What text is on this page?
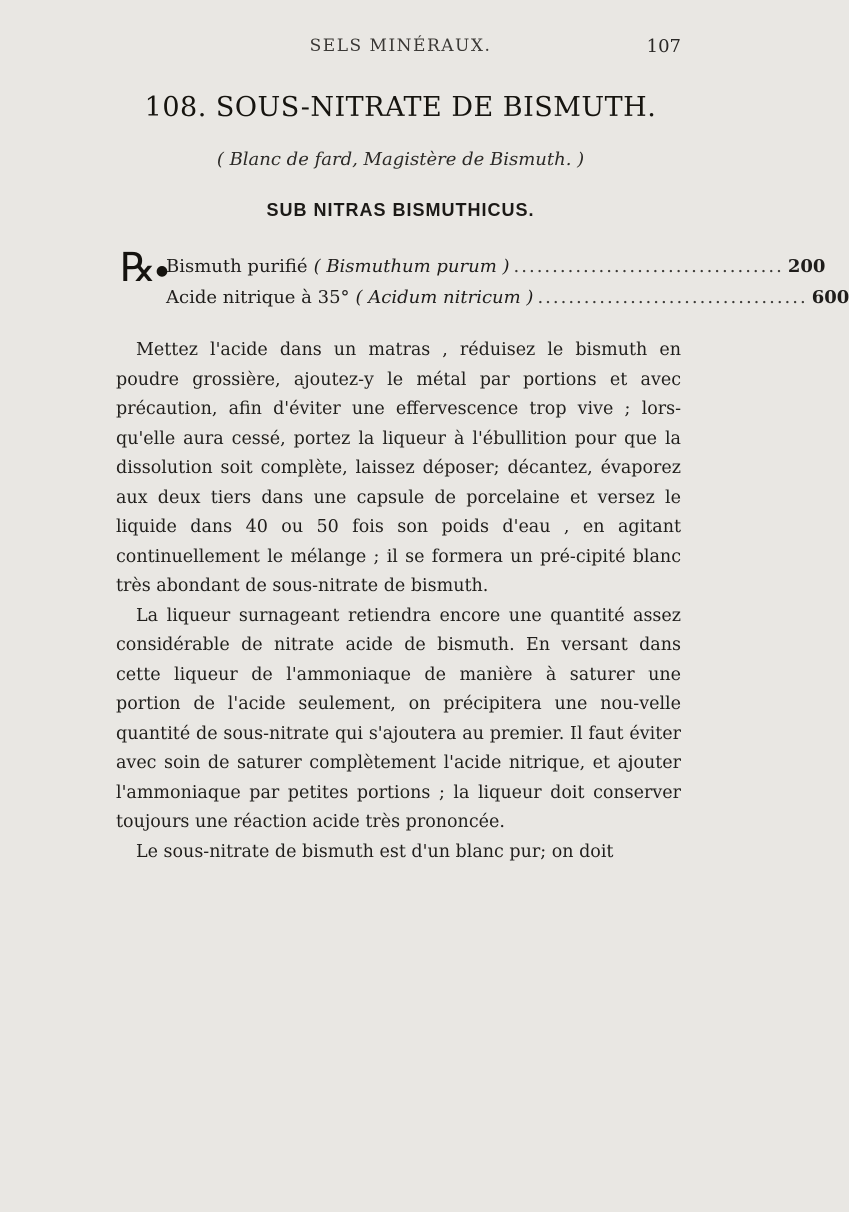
SELS MINÉRAUX.	107
108. SOUS-NITRATE DE BISMUTH.
( Blanc de fard, Magistère de Bismuth. )
SUB NITRAS BISMUTHICUS.
℞●
Bismuth purifié ( Bismuthum purum ) ................................... 200
Acide nitrique à 35° ( Acidum nitricum ) ................................... 600

Mettez l'acide dans un matras , réduisez le bismuth en poudre grossière, ajoutez-y le métal par portions et avec précaution, afin d'éviter une effervescence trop vive ; lors-qu'elle aura cessé, portez la liqueur à l'ébullition pour que la dissolution soit complète, laissez déposer; décantez, évaporez aux deux tiers dans une capsule de porcelaine et versez le liquide dans 40 ou 50 fois son poids d'eau , en agitant continuellement le mélange ; il se formera un pré-cipité blanc très abondant de sous-nitrate de bismuth.

La liqueur surnageant retiendra encore une quantité assez considérable de nitrate acide de bismuth. En versant dans cette liqueur de l'ammoniaque de manière à saturer une portion de l'acide seulement, on précipitera une nou-velle quantité de sous-nitrate qui s'ajoutera au premier. Il faut éviter avec soin de saturer complètement l'acide nitrique, et ajouter l'ammoniaque par petites portions ; la liqueur doit conserver toujours une réaction acide très prononcée.

Le sous-nitrate de bismuth est d'un blanc pur; on doit
